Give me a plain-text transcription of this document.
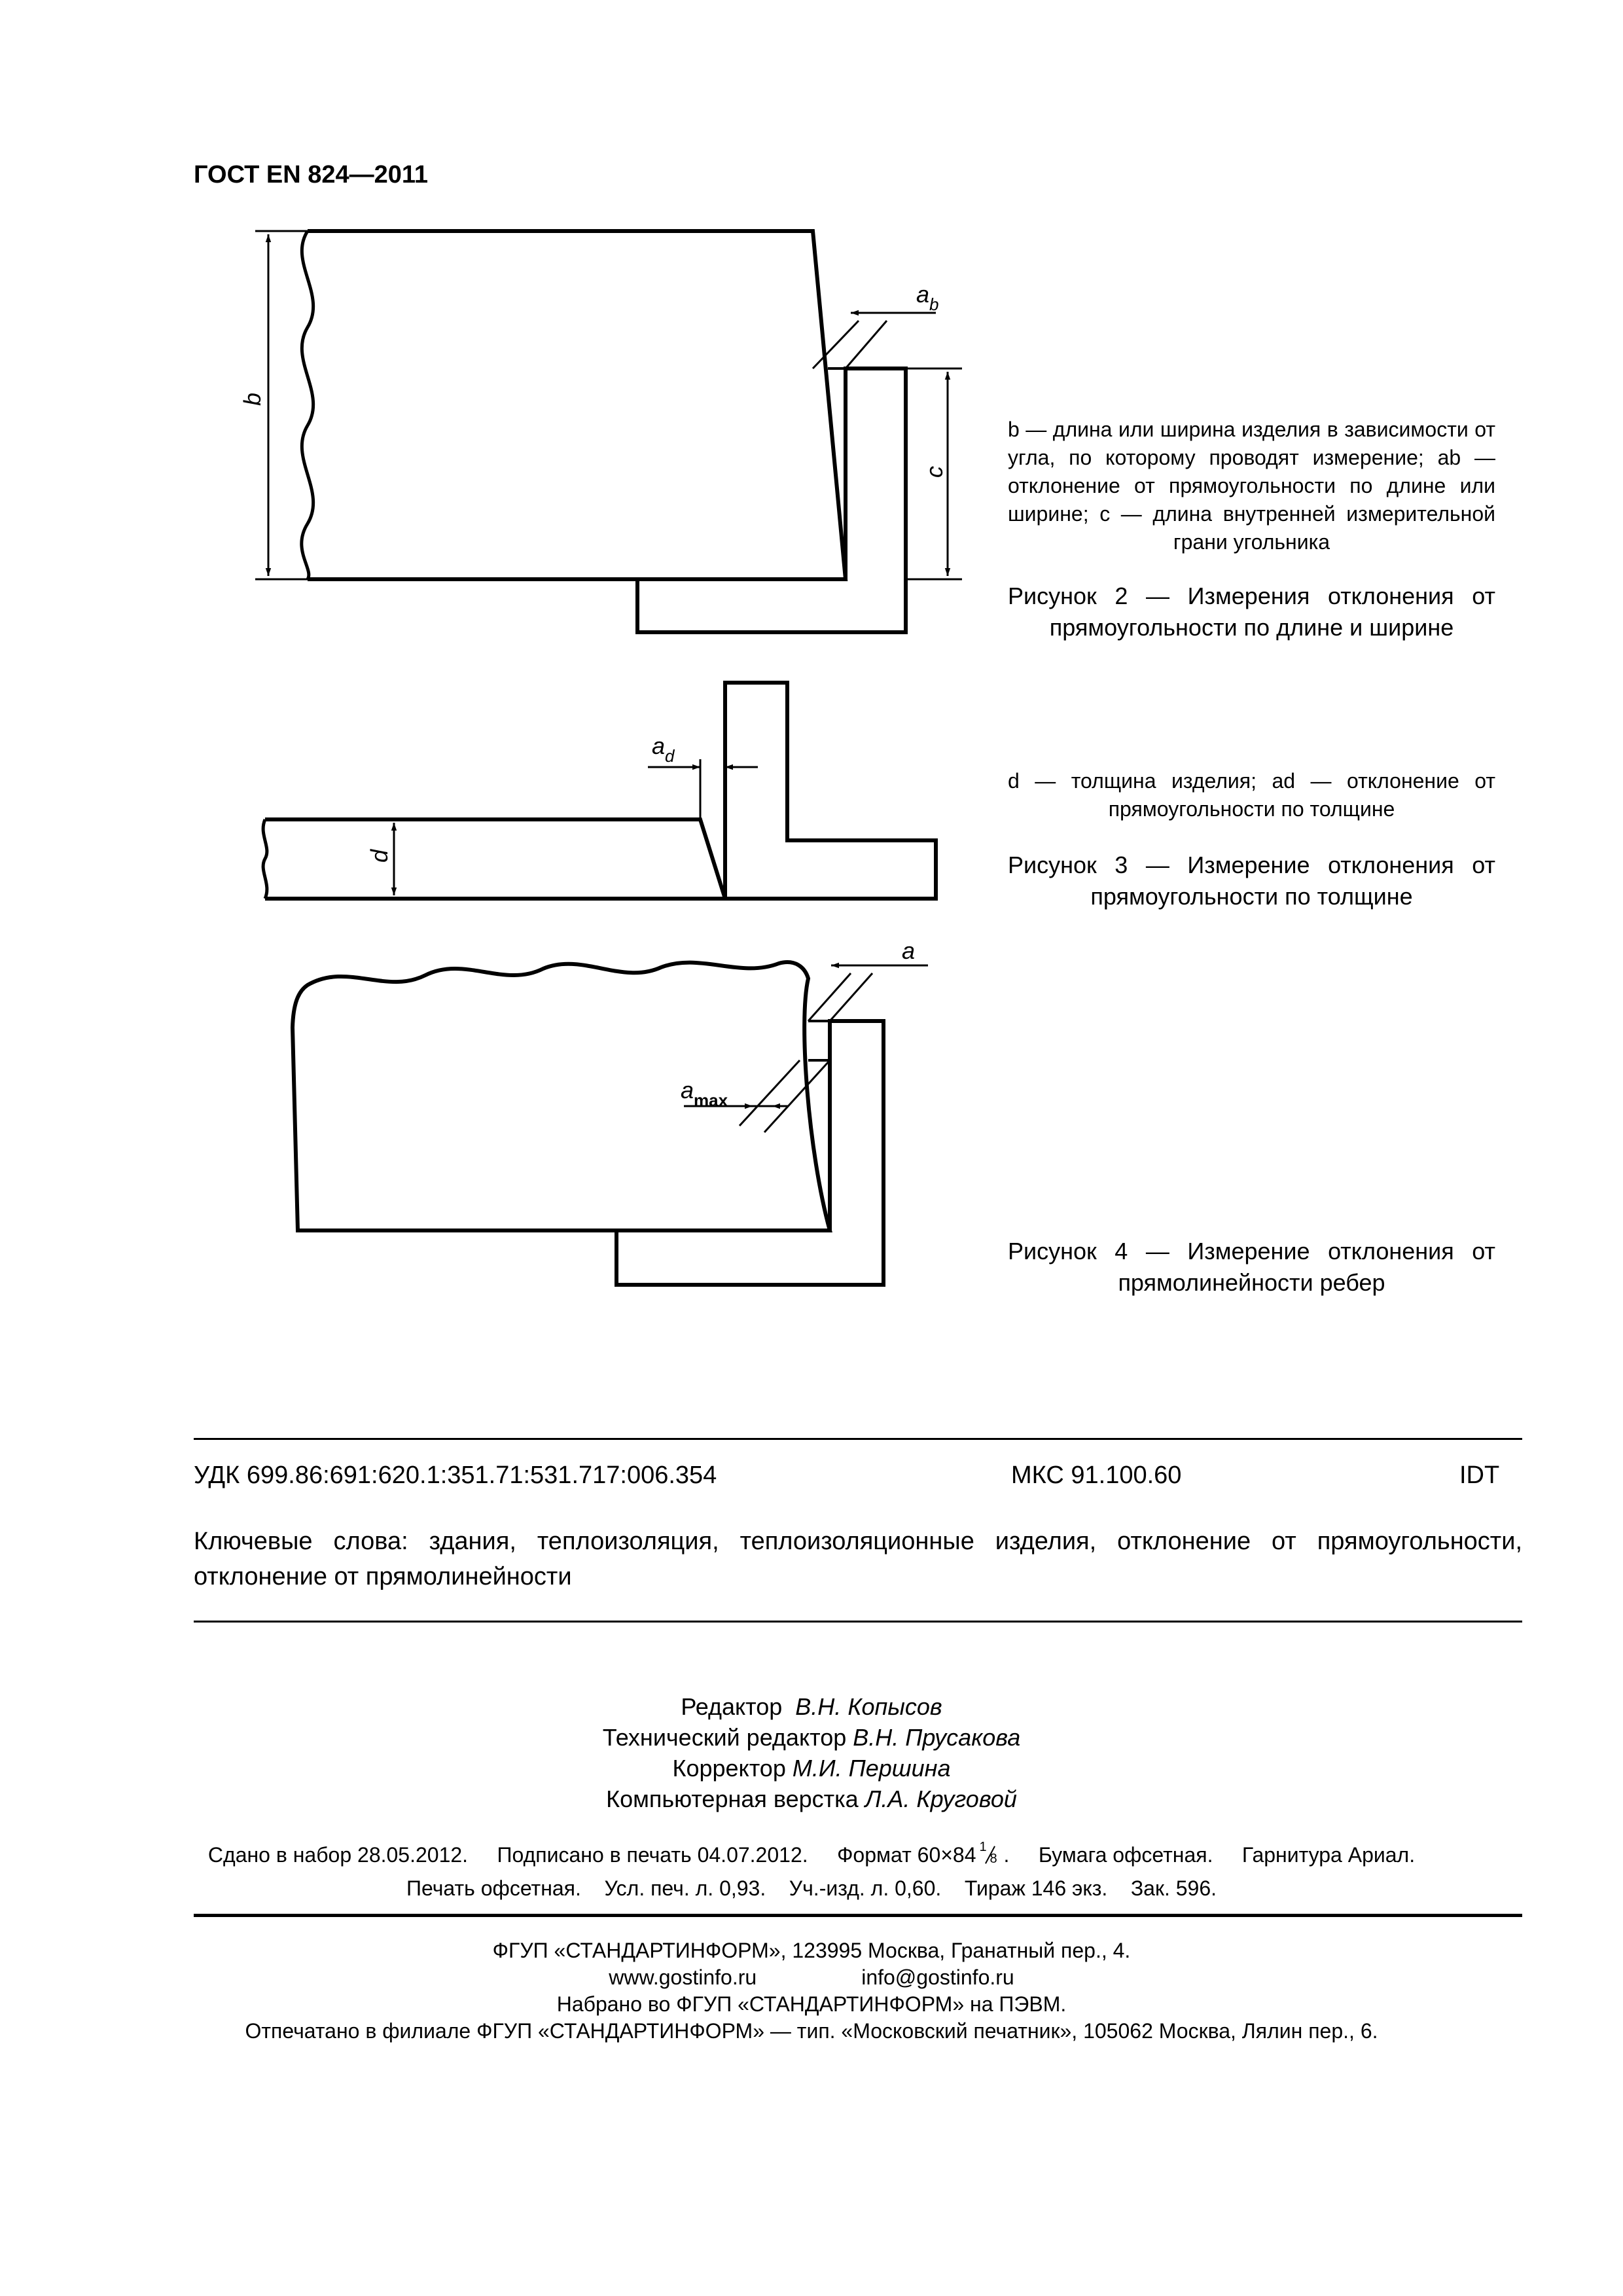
ГОСТ EN 824—2011
b
c
a b
d
a d
a
a max
b — длина или ширина изделия в зависимости от угла, по которому проводят измерение; ab — отклонение от прямоугольности по длине или ширине; c — длина внутренней измерительной грани угольника
Рисунок 2 — Измерения отклонения от прямоугольности по длине и ширине
d — толщина изделия; ad — отклонение от прямоугольности по толщине
Рисунок 3 — Измерение отклонения от прямоугольности по толщине
Рисунок 4 — Измерение отклонения от прямолинейности ребер
УДК 699.86:691:620.1:351.71:531.717:006.354	МКС 91.100.60	IDT
Ключевые слова: здания, теплоизоляция, теплоизоляционные изделия, отклонение от прямоугольности, отклонение от прямолинейности
Редактор В.Н. Копысов
Технический редактор В.Н. Прусакова
Корректор М.И. Першина
Компьютерная верстка Л.А. Круговой
Сдано в набор 28.05.2012. Подписано в печать 04.07.2012. Формат 60×84 1
8 .     Бумага офсетная. Гарнитура Ариал.
Печать офсетная. Усл. печ. л. 0,93. Уч.-изд. л. 0,60. Тираж 146 экз. Зак. 596.
ФГУП «СТАНДАРТИНФОРМ», 123995 Москва, Гранатный пер., 4.
www.gostinfo.ru	info@gostinfo.ru
Набрано во ФГУП «СТАНДАРТИНФОРМ» на ПЭВМ.
Отпечатано в филиале ФГУП «СТАНДАРТИНФОРМ» — тип. «Московский печатник», 105062 Москва, Лялин пер., 6.
